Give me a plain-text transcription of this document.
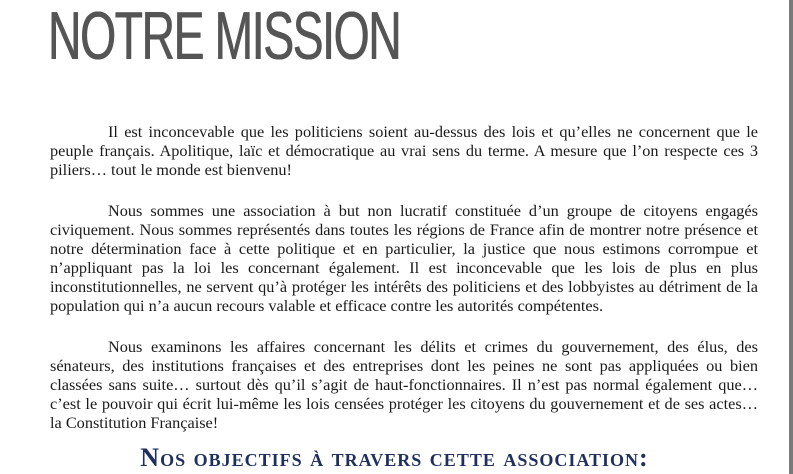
NOTRE MISSION

Il est inconcevable que les politiciens soient au-dessus des lois et qu’elles ne concernent que le peuple français. Apolitique, laïc et démocratique au vrai sens du terme. A mesure que l’on respecte ces 3 piliers… tout le monde est bienvenu!

Nous sommes une association à but non lucratif constituée d’un groupe de citoyens engagés civiquement. Nous sommes représentés dans toutes les régions de France afin de montrer notre présence et notre détermination face à cette politique et en particulier, la justice que nous estimons corrompue et n’appliquant pas la loi les concernant également. Il est inconcevable que les lois de plus en plus inconstitutionnelles, ne servent qu’à protéger les intérêts des politiciens et des lobbyistes au détriment de la population qui n’a aucun recours valable et efficace contre les autorités compétentes.

Nous examinons les affaires concernant les délits et crimes du gouvernement, des élus, des sénateurs, des institutions françaises et des entreprises dont les peines ne sont pas appliquées ou bien classées sans suite… surtout dès qu’il s’agit de haut-fonctionnaires. Il n’est pas normal également que… c’est le pouvoir qui écrit lui-même les lois censées protéger les citoyens du gouvernement et de ses actes… la Constitution Française!

Nos objectifs à travers cette association:
